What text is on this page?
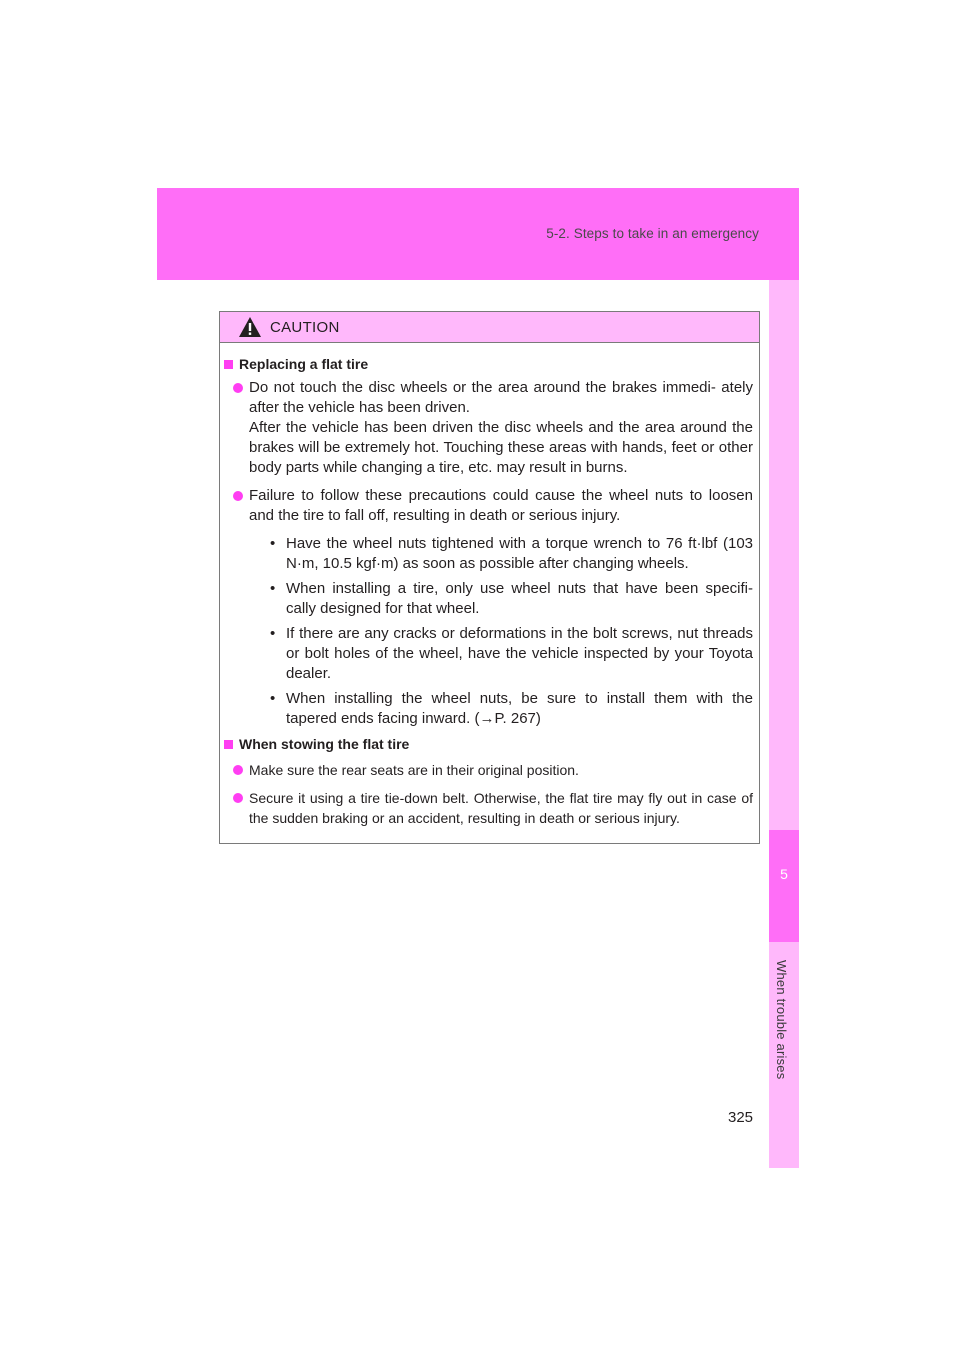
5-2. Steps to take in an emergency
5
When trouble arises
CAUTION
Replacing a flat tire
Do not touch the disc wheels or the area around the brakes immedi- ately after the vehicle has been driven.
After the vehicle has been driven the disc wheels and the area around the brakes will be extremely hot. Touching these areas with hands, feet or other body parts while changing a tire, etc. may result in burns.
Failure to follow these precautions could cause the wheel nuts to loosen and the tire to fall off, resulting in death or serious injury.
• Have the wheel nuts tightened with a torque wrench to 76 ft·lbf (103 N·m, 10.5 kgf·m) as soon as possible after changing wheels.
• When installing a tire, only use wheel nuts that have been specifi- cally designed for that wheel.
• If there are any cracks or deformations in the bolt screws, nut threads or bolt holes of the wheel, have the vehicle inspected by your Toyota dealer.
• When installing the wheel nuts, be sure to install them with the tapered ends facing inward. (→P. 267)
When stowing the flat tire
Make sure the rear seats are in their original position.
Secure it using a tire tie-down belt. Otherwise, the flat tire may fly out in case of the sudden braking or an accident, resulting in death or serious injury.
325
